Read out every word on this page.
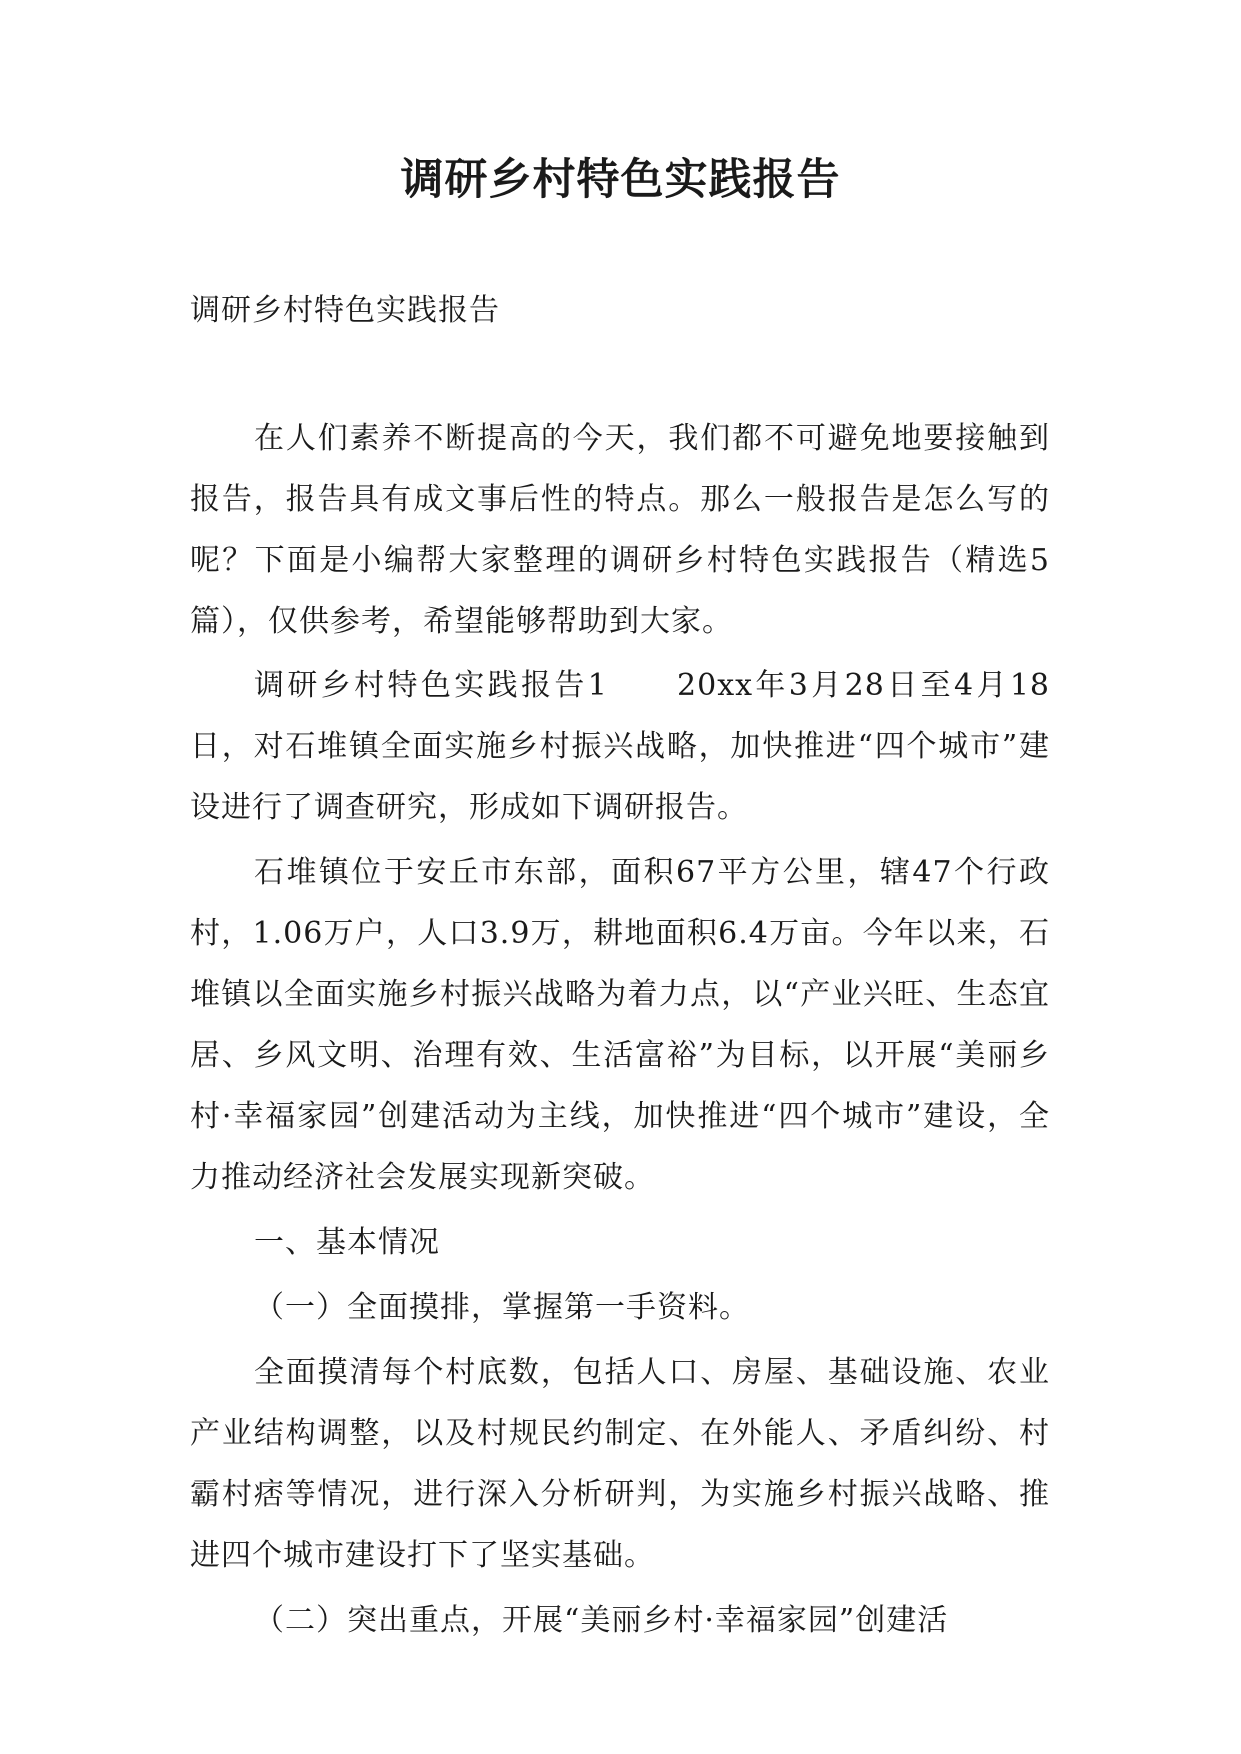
调研乡村特色实践报告

调研乡村特色实践报告

在人们素养不断提高的今天，我们都不可避免地要接触到报告，报告具有成文事后性的特点。那么一般报告是怎么写的呢？下面是小编帮大家整理的调研乡村特色实践报告（精选5篇），仅供参考，希望能够帮助到大家。

调研乡村特色实践报告1　　20xx年3月28日至4月18日，对石堆镇全面实施乡村振兴战略，加快推进“四个城市”建设进行了调查研究，形成如下调研报告。

石堆镇位于安丘市东部，面积67平方公里，辖47个行政村，1.06万户，人口3.9万，耕地面积6.4万亩。今年以来，石堆镇以全面实施乡村振兴战略为着力点，以“产业兴旺、生态宜居、乡风文明、治理有效、生活富裕”为目标，以开展“美丽乡村·幸福家园”创建活动为主线，加快推进“四个城市”建设，全力推动经济社会发展实现新突破。

一、基本情况

（一）全面摸排，掌握第一手资料。

全面摸清每个村底数，包括人口、房屋、基础设施、农业产业结构调整，以及村规民约制定、在外能人、矛盾纠纷、村霸村痞等情况，进行深入分析研判，为实施乡村振兴战略、推进四个城市建设打下了坚实基础。

（二）突出重点，开展“美丽乡村·幸福家园”创建活
